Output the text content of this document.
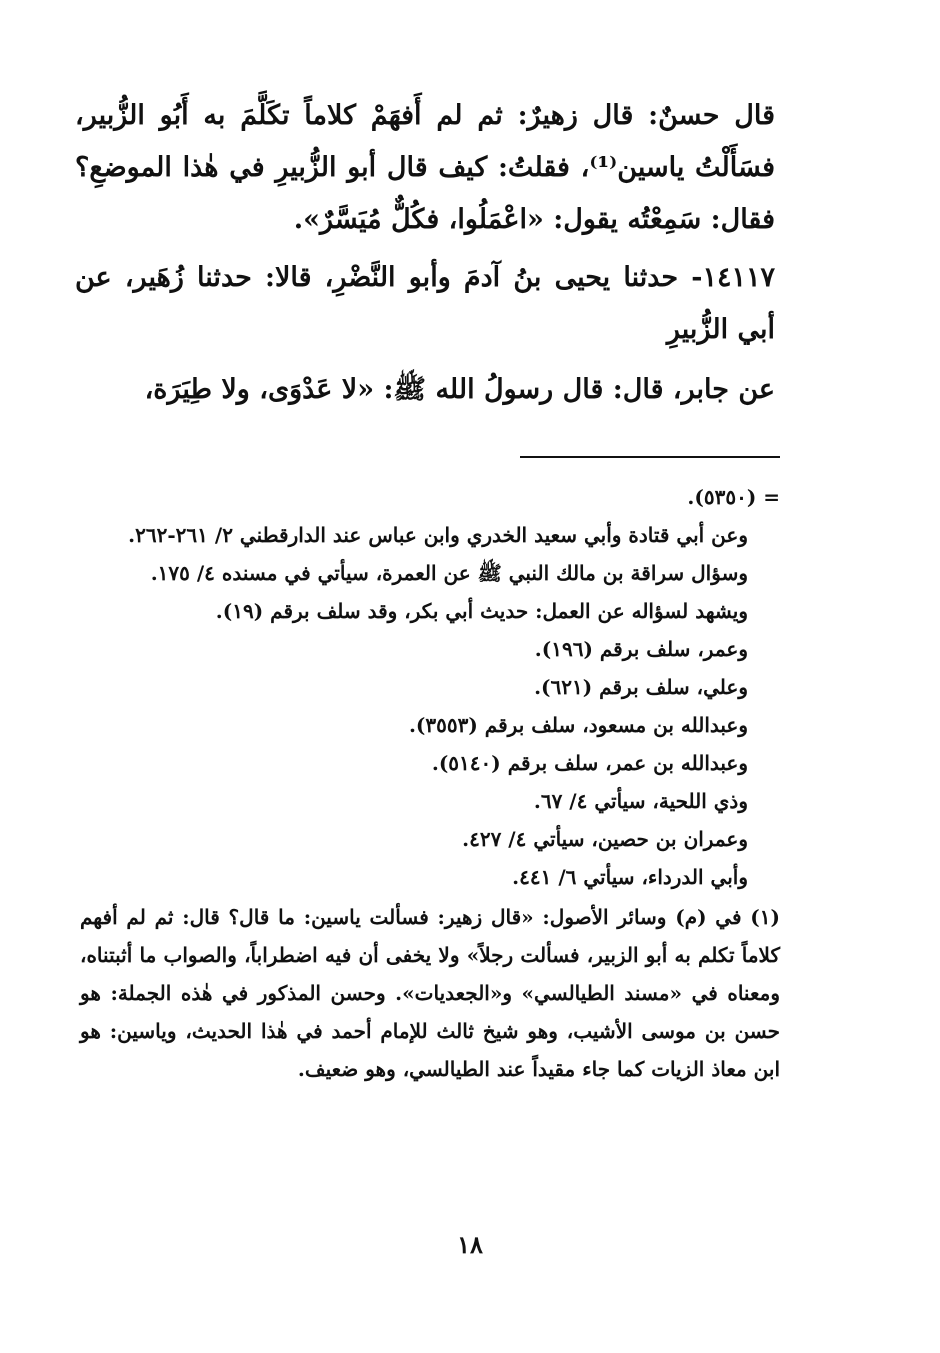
قال حسنٌ: قال زهيرٌ: ثم لم أَفهَمْ كلاماً تكَلَّمَ به أَبُو الزُّبير، فسَأَلْتُ ياسين⁽¹⁾، فقلتُ: كيف قال أبو الزُّبيرِ في هٰذا الموضعِ؟ فقال: سَمِعْتُه يقول: «اعْمَلُوا، فكُلٌّ مُيَسَّرٌ».

١٤١١٧- حدثنا يحيى بنُ آدمَ وأبو النَّضْرِ، قالا: حدثنا زُهَير، عن أبي الزُّبيرِ

عن جابر، قال: قال رسولُ الله ﷺ: «لا عَدْوَى، ولا طِيَرَة،

= (٥٣٥٠).

وعن أبي قتادة وأبي سعيد الخدري وابن عباس عند الدارقطني ٢/ ٢٦١-٢٦٢.

وسؤال سراقة بن مالك النبي ﷺ عن العمرة، سيأتي في مسنده ٤/ ١٧٥.

ويشهد لسؤاله عن العمل: حديث أبي بكر، وقد سلف برقم (١٩).

وعمر، سلف برقم (١٩٦).

وعلي، سلف برقم (٦٢١).

وعبدالله بن مسعود، سلف برقم (٣٥٥٣).

وعبدالله بن عمر، سلف برقم (٥١٤٠).

وذي اللحية، سيأتي ٤/ ٦٧.

وعمران بن حصين، سيأتي ٤/ ٤٢٧.

وأبي الدرداء، سيأتي ٦/ ٤٤١.

(١) في (م) وسائر الأصول: «قال زهير: فسألت ياسين: ما قال؟ قال: ثم لم أفهم كلاماً تكلم به أبو الزبير، فسألت رجلاً» ولا يخفى أن فيه اضطراباً، والصواب ما أثبتناه، ومعناه في «مسند الطيالسي» و«الجعديات». وحسن المذكور في هٰذه الجملة: هو حسن بن موسى الأشيب، وهو شيخ ثالث للإمام أحمد في هٰذا الحديث، وياسين: هو ابن معاذ الزيات كما جاء مقيداً عند الطيالسي، وهو ضعيف.

١٨
